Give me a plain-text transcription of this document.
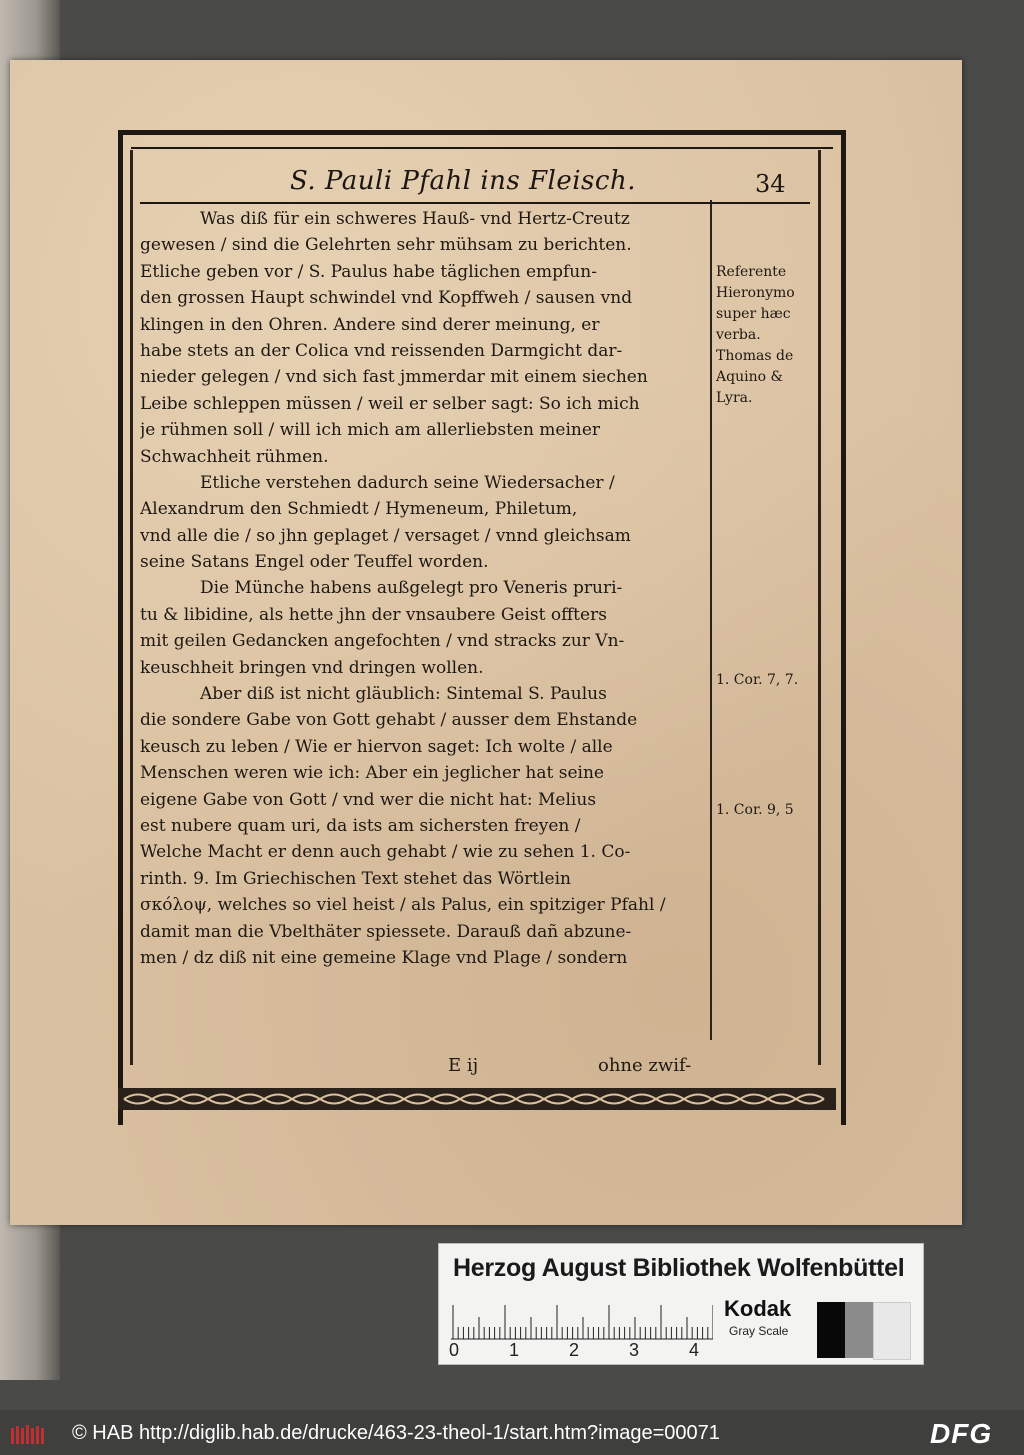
S. Pauli Pfahl ins Fleisch.	34
Was diß für ein schweres Hauß- vnd Hertz-Creutz
gewesen / sind die Gelehrten sehr mühsam zu berichten.
Etliche geben vor / S. Paulus habe täglichen empfun-
den grossen Haupt schwindel vnd Kopffweh / sausen vnd
klingen in den Ohren. Andere sind derer meinung, er
habe stets an der Colica vnd reissenden Darmgicht dar-
nieder gelegen / vnd sich fast jmmerdar mit einem siechen
Leibe schleppen müssen / weil er selber sagt: So ich mich
je rühmen soll / will ich mich am allerliebsten meiner
Schwachheit rühmen.
Etliche verstehen dadurch seine Wiedersacher /
Alexandrum den Schmiedt / Hymeneum, Philetum,
vnd alle die / so jhn geplaget / versaget / vnnd gleichsam
seine Satans Engel oder Teuffel worden.
Die Münche habens außgelegt pro Veneris pruri-
tu & libidine, als hette jhn der vnsaubere Geist offters
mit geilen Gedancken angefochten / vnd stracks zur Vn-
keuschheit bringen vnd dringen wollen.
Aber diß ist nicht gläublich: Sintemal S. Paulus
die sondere Gabe von Gott gehabt / ausser dem Ehstande
keusch zu leben / Wie er hiervon saget: Ich wolte / alle
Menschen weren wie ich: Aber ein jeglicher hat seine
eigene Gabe von Gott / vnd wer die nicht hat: Melius
est nubere quam uri, da ists am sichersten freyen /
Welche Macht er denn auch gehabt / wie zu sehen 1. Co-
rinth. 9. Im Griechischen Text stehet das Wörtlein
σκόλοψ, welches so viel heist / als Palus, ein spitziger Pfahl /
damit man die Vbelthäter spiessete. Darauß dañ abzune-
men / dz diß nit eine gemeine Klage vnd Plage / sondern
Referente
Hieronymo
super hæc
verba.
Thomas de
Aquino &
Lyra.
1. Cor. 7, 7.
1. Cor. 9, 5
E ij	ohne zwif-
Herzog August Bibliothek Wolfenbüttel
0	1	2	3	4
Kodak
Gray Scale
© HAB http://diglib.hab.de/drucke/463-23-theol-1/start.htm?image=00071	DFG
